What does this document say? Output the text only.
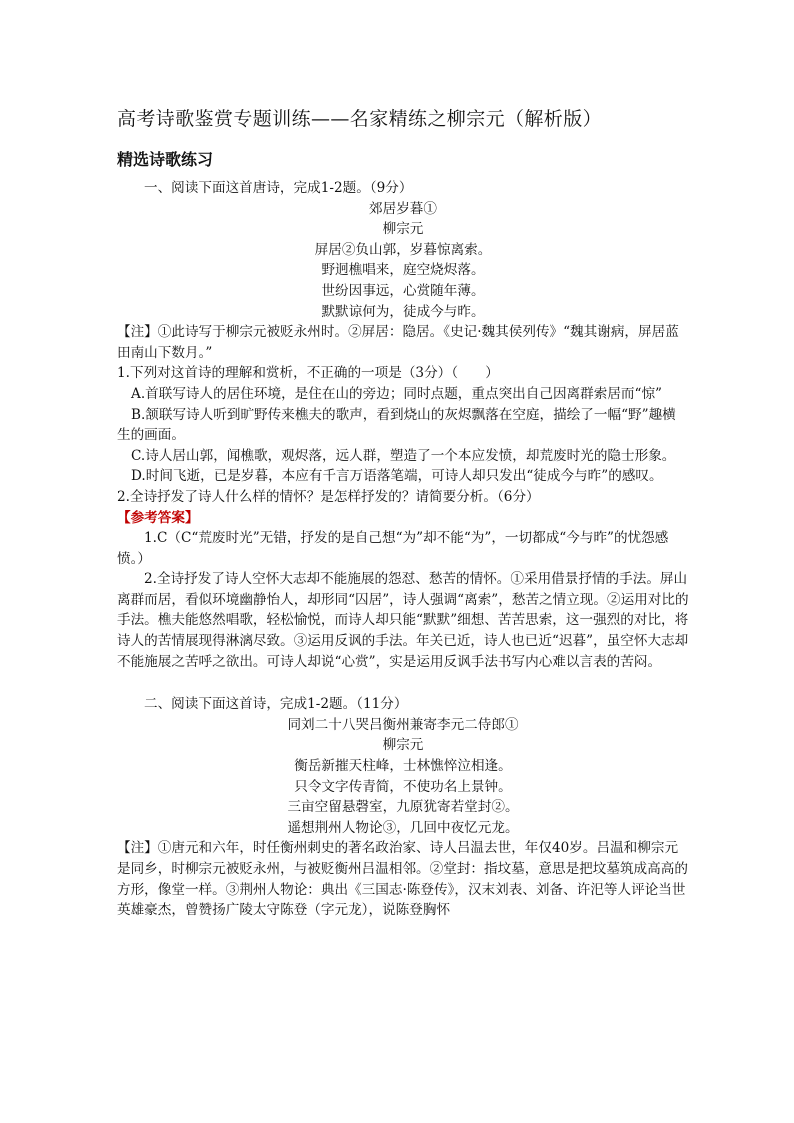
高考诗歌鉴赏专题训练——名家精练之柳宗元（解析版）
精选诗歌练习

一、阅读下面这首唐诗，完成1-2题。（9分）

郊居岁暮①

柳宗元

屏居②负山郭，岁暮惊离索。

野迥樵唱来，庭空烧烬落。

世纷因事远，心赏随年薄。

默默谅何为，徒成今与昨。

【注】①此诗写于柳宗元被贬永州时。②屏居：隐居。《史记·魏其侯列传》“魏其谢病，屏居蓝田南山下数月。”

1.下列对这首诗的理解和赏析，不正确的一项是（3分）（　　）

A.首联写诗人的居住环境，是住在山的旁边；同时点题，重点突出自己因离群索居而“惊”

B.颔联写诗人听到旷野传来樵夫的歌声，看到烧山的灰烬飘落在空庭，描绘了一幅“野”趣横生的画面。

C.诗人居山郭，闻樵歌，观烬落，远人群，塑造了一个本应发愤，却荒废时光的隐士形象。

D.时间飞逝，已是岁暮，本应有千言万语落笔端，可诗人却只发出“徒成今与昨”的感叹。

2.全诗抒发了诗人什么样的情怀？是怎样抒发的？请简要分析。（6分）

【参考答案】

1.C（C“荒废时光”无错，抒发的是自己想“为”却不能“为”，一切都成“今与昨”的忧怨感愤。）

2.全诗抒发了诗人空怀大志却不能施展的怨怼、愁苦的情怀。①采用借景抒情的手法。屏山离群而居，看似环境幽静怡人，却形同“囚居”，诗人强调“离索”，愁苦之情立现。②运用对比的手法。樵夫能悠然唱歌，轻松愉悦，而诗人却只能“默默”细想、苦苦思索，这一强烈的对比，将诗人的苦情展现得淋漓尽致。③运用反讽的手法。年关已近，诗人也已近“迟暮”，虽空怀大志却不能施展之苦呼之欲出。可诗人却说“心赏”，实是运用反讽手法书写内心难以言表的苦闷。

二、阅读下面这首诗，完成1-2题。（11分）

同刘二十八哭吕衡州兼寄李元二侍郎①

柳宗元

衡岳新摧天柱峰，士林憔悴泣相逢。

只令文字传青简，不使功名上景钟。

三亩空留悬磬室，九原犹寄若堂封②。

遥想荆州人物论③，几回中夜忆元龙。

【注】①唐元和六年，时任衡州刺史的著名政治家、诗人吕温去世，年仅40岁。吕温和柳宗元是同乡，时柳宗元被贬永州，与被贬衡州吕温相邻。②堂封：指坟墓，意思是把坟墓筑成高高的方形，像堂一样。③荆州人物论：典出《三国志·陈登传》，汉末刘表、刘备、许汜等人评论当世英雄豪杰，曾赞扬广陵太守陈登（字元龙），说陈登胸怀
